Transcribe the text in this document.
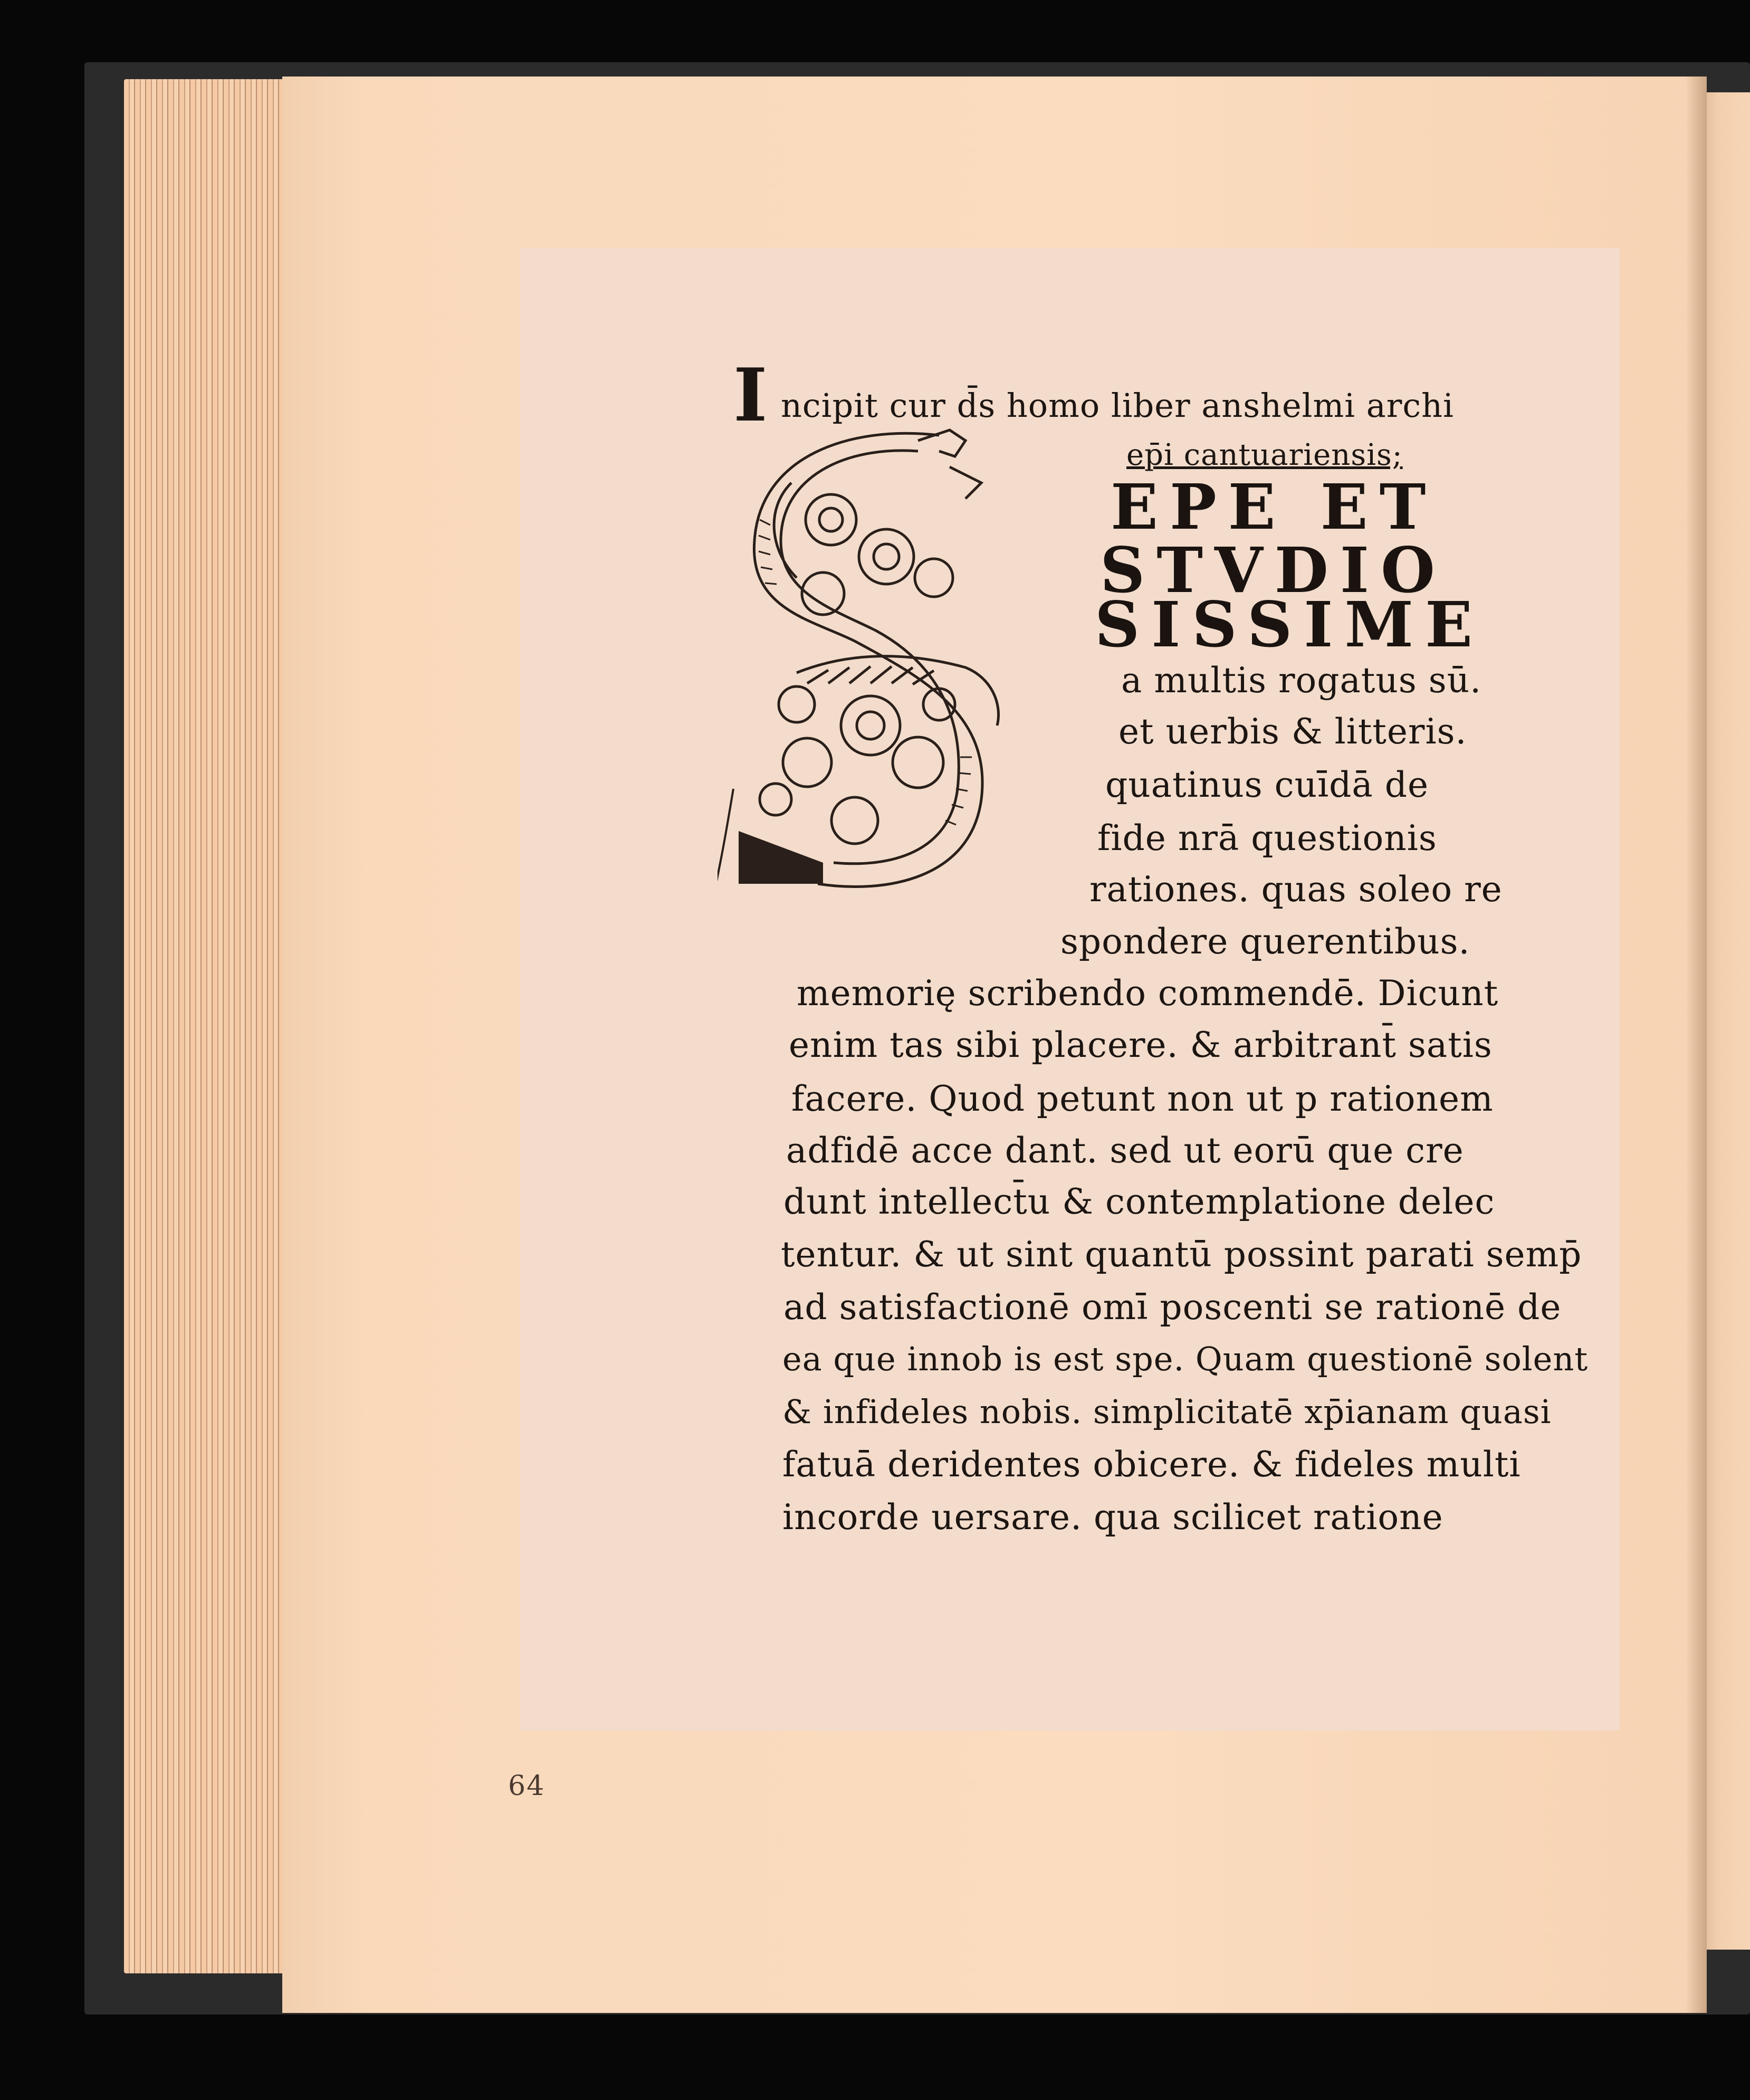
I ncipit cur d̄s homo liber anshelmi archi
ep̄i cantuariensis;
EPE ET
STVDIO
SISSIME
a multis rogatus sū.
et uerbis & litteris.
quatinus cuīdā de
fide nrā questionis
rationes. quas soleo re
spondere querentibus.
memorię scribendo commendē. Dicunt
enim tas sibi placere. & arbitrant̄ satis
facere. Quod petunt non ut p rationem
adfidē acce dant. sed ut eorū que cre
dunt intellect̄u & contemplatione delec
tentur. & ut sint quantū possint parati semp̄
ad satisfactionē omī poscenti se rationē de
ea que innob is est spe. Quam questionē solent
& infideles nobis. simplicitatē xp̄ianam quasi
fatuā deridentes obicere. & fideles multi
incorde uersare. qua scilicet ratione
64
